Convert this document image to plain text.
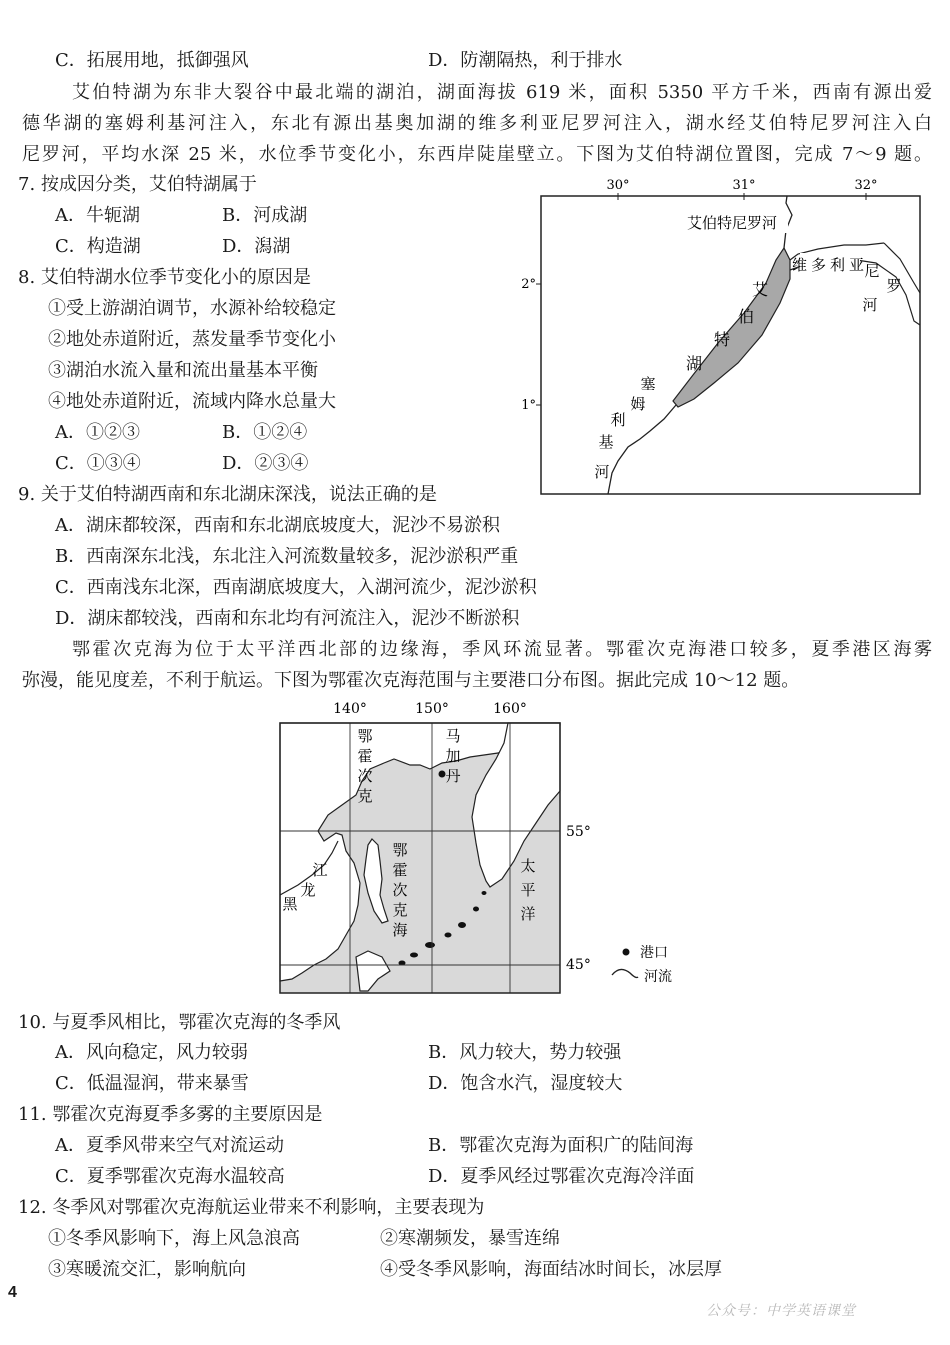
C．拓展用地，抵御强风	D．防潮隔热，利于排水
艾伯特湖为东非大裂谷中最北端的湖泊，湖面海拔 619 米，面积 5350 平方千米，西南有源出爱
德华湖的塞姆利基河注入，东北有源出基奥加湖的维多利亚尼罗河注入，湖水经艾伯特尼罗河注入白
尼罗河，平均水深 25 米，水位季节变化小，东西岸陡崖壁立。下图为艾伯特湖位置图，完成 7～9 题。
7. 按成因分类，艾伯特湖属于
A．牛轭湖	B．河成湖
C．构造湖	D．潟湖
8. 艾伯特湖水位季节变化小的原因是
①受上游湖泊调节，水源补给较稳定
②地处赤道附近，蒸发量季节变化小
③湖泊水流入量和流出量基本平衡
④地处赤道附近，流域内降水总量大
A．①②③	B．①②④
C．①③④	D．②③④
30°	31°	32°
2°
1°
艾伯特尼罗河
艾
伯
特
湖
维多利亚
尼
罗
河
塞
姆
利
基
河
9. 关于艾伯特湖西南和东北湖床深浅，说法正确的是
A．湖床都较深，西南和东北湖底坡度大，泥沙不易淤积
B．西南深东北浅，东北注入河流数量较多，泥沙淤积严重
C．西南浅东北深，西南湖底坡度大，入湖河流少，泥沙淤积
D．湖床都较浅，西南和东北均有河流注入，泥沙不断淤积
鄂霍次克海为位于太平洋西北部的边缘海，季风环流显著。鄂霍次克海港口较多，夏季港区海雾
弥漫，能见度差，不利于航运。下图为鄂霍次克海范围与主要港口分布图。据此完成 10～12 题。
140°	150°	160°
55°
45°
鄂
霍
次
克
马
加
丹
鄂
霍
次
克
海
太
平
洋
江
龙
黑
港口
河流
10. 与夏季风相比，鄂霍次克海的冬季风
A．风向稳定，风力较弱	B．风力较大，势力较强
C．低温湿润，带来暴雪	D．饱含水汽，湿度较大
11. 鄂霍次克海夏季多雾的主要原因是
A．夏季风带来空气对流运动	B．鄂霍次克海为面积广的陆间海
C．夏季鄂霍次克海水温较高	D．夏季风经过鄂霍次克海冷洋面
12. 冬季风对鄂霍次克海航运业带来不利影响，主要表现为
①冬季风影响下，海上风急浪高	②寒潮频发，暴雪连绵
③寒暖流交汇，影响航向	④受冬季风影响，海面结冰时间长，冰层厚
4
公众号：中学英语课堂
